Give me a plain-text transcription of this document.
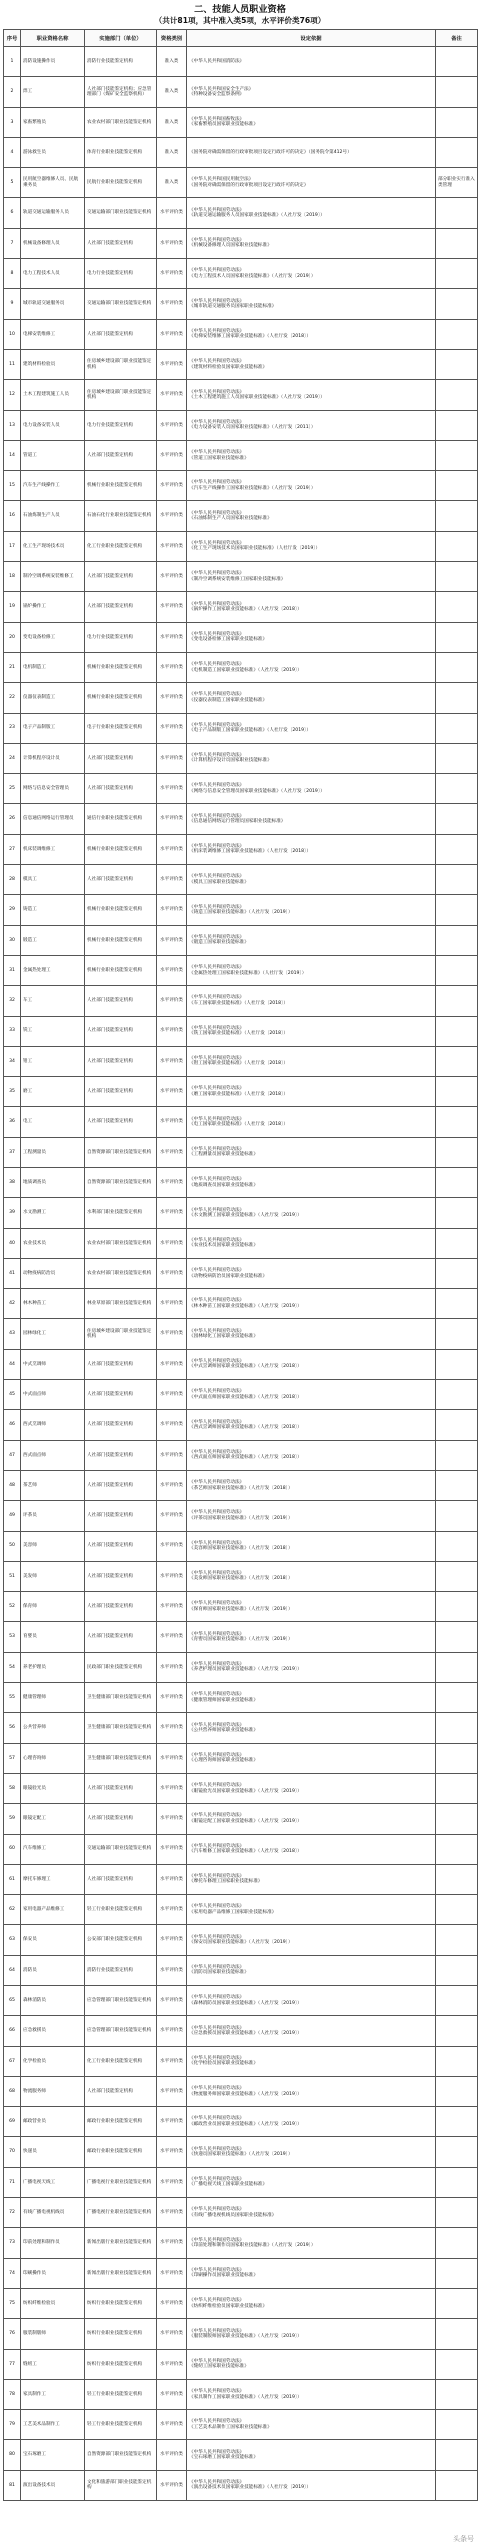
二、技能人员职业资格
（共计81项，其中准入类5项，水平评价类76项）
序号	职业资格名称	实施部门（单位）	资格类别	设定依据	备注
1	消防设施操作员	消防行业技能鉴定机构	准入类	《中华人民共和国消防法》	

2	焊工	人社部门技能鉴定机构；应急管理部门（煤矿安全监察机构）	准入类	《中华人民共和国安全生产法》
《特种设备安全监察条例》	

3	家畜繁殖员	农业农村部门职业技能鉴定机构	准入类	《中华人民共和国畜牧法》
《家畜繁殖员国家职业技能标准》	

4	游泳救生员	体育行业职业技能鉴定机构	准入类	《国务院对确需保留的行政审批项目设定行政许可的决定》（国务院令第412号）	

5	民用航空器维修人员、民航乘务员	民航行业职业技能鉴定机构	准入类	《中华人民共和国民用航空法》
《国务院对确需保留的行政审批项目设定行政许可的决定》	部分职业实行准入类管理
6	轨道交通运输服务人员	交通运输部门职业技能鉴定机构	水平评价类	《中华人民共和国劳动法》
《轨道交通运输服务人员国家职业技能标准》（人社厅发〔2019〕）	

7	机械设备修理人员	人社部门技能鉴定机构	水平评价类	《中华人民共和国劳动法》
《机械设备修理人员国家职业技能标准》	

8	电力工程技术人员	电力行业技能鉴定机构	水平评价类	《中华人民共和国劳动法》
《电力工程技术人员国家职业技能标准》（人社厅发〔2019〕）	

9	城市轨道交通服务员	交通运输部门职业技能鉴定机构	水平评价类	《中华人民共和国劳动法》
《城市轨道交通服务员国家职业技能标准》	

10	电梯安装维修工	人社部门技能鉴定机构	水平评价类	《中华人民共和国劳动法》
《电梯安装维修工国家职业技能标准》（人社厅发〔2018〕）	

11	建筑材料检验员	住房城乡建设部门职业技能鉴定机构	水平评价类	《中华人民共和国劳动法》
《建筑材料检验员国家职业技能标准》	

12	土木工程建筑施工人员	住房城乡建设部门职业技能鉴定机构	水平评价类	《中华人民共和国劳动法》
《土木工程建筑施工人员国家职业技能标准》（人社厅发〔2019〕）	

13	电力设备安装人员	电力行业技能鉴定机构	水平评价类	《中华人民共和国劳动法》
《电力设备安装人员国家职业技能标准》（人社厅发〔2011〕）	

14	管道工	人社部门技能鉴定机构	水平评价类	《中华人民共和国劳动法》
《管道工国家职业技能标准》	

15	汽车生产线操作工	机械行业职业技能鉴定机构	水平评价类	《中华人民共和国劳动法》
《汽车生产线操作工国家职业技能标准》（人社厅发〔2019〕）	

16	石油炼制生产人员	石油石化行业职业技能鉴定机构	水平评价类	《中华人民共和国劳动法》
《石油炼制生产人员国家职业技能标准》	

17	化工生产现场技术员	化工行业职业技能鉴定机构	水平评价类	《中华人民共和国劳动法》
《化工生产现场技术员国家职业技能标准》（人社厅发〔2019〕）	

18	制冷空调系统安装维修工	人社部门技能鉴定机构	水平评价类	《中华人民共和国劳动法》
《制冷空调系统安装维修工国家职业技能标准》	

19	锅炉操作工	人社部门技能鉴定机构	水平评价类	《中华人民共和国劳动法》
《锅炉操作工国家职业技能标准》（人社厅发〔2018〕）	

20	变电设备检修工	电力行业技能鉴定机构	水平评价类	《中华人民共和国劳动法》
《变电设备检修工国家职业技能标准》	

21	电机制造工	机械行业职业技能鉴定机构	水平评价类	《中华人民共和国劳动法》
《电机制造工国家职业技能标准》（人社厅发〔2019〕）	

22	仪器仪表制造工	机械行业职业技能鉴定机构	水平评价类	《中华人民共和国劳动法》
《仪器仪表制造工国家职业技能标准》	

23	电子产品制版工	电子行业职业技能鉴定机构	水平评价类	《中华人民共和国劳动法》
《电子产品制版工国家职业技能标准》（人社厅发〔2019〕）	

24	计算机程序设计员	人社部门技能鉴定机构	水平评价类	《中华人民共和国劳动法》
《计算机程序设计员国家职业技能标准》	

25	网络与信息安全管理员	人社部门技能鉴定机构	水平评价类	《中华人民共和国劳动法》
《网络与信息安全管理员国家职业技能标准》（人社厅发〔2019〕）	

26	信息通信网络运行管理员	通信行业职业技能鉴定机构	水平评价类	《中华人民共和国劳动法》
《信息通信网络运行管理员国家职业技能标准》	

27	机床装调维修工	机械行业职业技能鉴定机构	水平评价类	《中华人民共和国劳动法》
《机床装调维修工国家职业技能标准》（人社厅发〔2018〕）	

28	模具工	人社部门技能鉴定机构	水平评价类	《中华人民共和国劳动法》
《模具工国家职业技能标准》	

29	铸造工	机械行业职业技能鉴定机构	水平评价类	《中华人民共和国劳动法》
《铸造工国家职业技能标准》（人社厅发〔2019〕）	

30	锻造工	机械行业职业技能鉴定机构	水平评价类	《中华人民共和国劳动法》
《锻造工国家职业技能标准》	

31	金属热处理工	机械行业职业技能鉴定机构	水平评价类	《中华人民共和国劳动法》
《金属热处理工国家职业技能标准》（人社厅发〔2019〕）	

32	车工	人社部门技能鉴定机构	水平评价类	《中华人民共和国劳动法》
《车工国家职业技能标准》（人社厅发〔2018〕）	

33	铣工	人社部门技能鉴定机构	水平评价类	《中华人民共和国劳动法》
《铣工国家职业技能标准》（人社厅发〔2018〕）	

34	钳工	人社部门技能鉴定机构	水平评价类	《中华人民共和国劳动法》
《钳工国家职业技能标准》（人社厅发〔2018〕）	

35	磨工	人社部门技能鉴定机构	水平评价类	《中华人民共和国劳动法》
《磨工国家职业技能标准》（人社厅发〔2018〕）	

36	电工	人社部门技能鉴定机构	水平评价类	《中华人民共和国劳动法》
《电工国家职业技能标准》（人社厅发〔2018〕）	

37	工程测量员	自然资源部门职业技能鉴定机构	水平评价类	《中华人民共和国劳动法》
《工程测量员国家职业技能标准》	

38	地质调查员	自然资源部门职业技能鉴定机构	水平评价类	《中华人民共和国劳动法》
《地质调查员国家职业技能标准》	

39	水文勘测工	水利部门职业技能鉴定机构	水平评价类	《中华人民共和国劳动法》
《水文勘测工国家职业技能标准》（人社厅发〔2019〕）	

40	农业技术员	农业农村部门职业技能鉴定机构	水平评价类	《中华人民共和国劳动法》
《农业技术员国家职业技能标准》	

41	动物疫病防治员	农业农村部门职业技能鉴定机构	水平评价类	《中华人民共和国劳动法》
《动物疫病防治员国家职业技能标准》	

42	林木种苗工	林业草原部门职业技能鉴定机构	水平评价类	《中华人民共和国劳动法》
《林木种苗工国家职业技能标准》（人社厅发〔2019〕）	

43	园林绿化工	住房城乡建设部门职业技能鉴定机构	水平评价类	《中华人民共和国劳动法》
《园林绿化工国家职业技能标准》	

44	中式烹调师	人社部门技能鉴定机构	水平评价类	《中华人民共和国劳动法》
《中式烹调师国家职业技能标准》（人社厅发〔2018〕）	

45	中式面点师	人社部门技能鉴定机构	水平评价类	《中华人民共和国劳动法》
《中式面点师国家职业技能标准》（人社厅发〔2018〕）	

46	西式烹调师	人社部门技能鉴定机构	水平评价类	《中华人民共和国劳动法》
《西式烹调师国家职业技能标准》（人社厅发〔2018〕）	

47	西式面点师	人社部门技能鉴定机构	水平评价类	《中华人民共和国劳动法》
《西式面点师国家职业技能标准》（人社厅发〔2018〕）	

48	茶艺师	人社部门技能鉴定机构	水平评价类	《中华人民共和国劳动法》
《茶艺师国家职业技能标准》（人社厅发〔2018〕）	

49	评茶员	人社部门技能鉴定机构	水平评价类	《中华人民共和国劳动法》
《评茶员国家职业技能标准》（人社厅发〔2019〕）	

50	美容师	人社部门技能鉴定机构	水平评价类	《中华人民共和国劳动法》
《美容师国家职业技能标准》（人社厅发〔2018〕）	

51	美发师	人社部门技能鉴定机构	水平评价类	《中华人民共和国劳动法》
《美发师国家职业技能标准》（人社厅发〔2018〕）	

52	保育师	人社部门技能鉴定机构	水平评价类	《中华人民共和国劳动法》
《保育师国家职业技能标准》（人社厅发〔2019〕）	

53	育婴员	人社部门技能鉴定机构	水平评价类	《中华人民共和国劳动法》
《育婴员国家职业技能标准》（人社厅发〔2019〕）	

54	养老护理员	民政部门职业技能鉴定机构	水平评价类	《中华人民共和国劳动法》
《养老护理员国家职业技能标准》（人社厅发〔2019〕）	

55	健康管理师	卫生健康部门职业技能鉴定机构	水平评价类	《中华人民共和国劳动法》
《健康管理师国家职业技能标准》	

56	公共营养师	卫生健康部门职业技能鉴定机构	水平评价类	《中华人民共和国劳动法》
《公共营养师国家职业技能标准》	

57	心理咨询师	卫生健康部门职业技能鉴定机构	水平评价类	《中华人民共和国劳动法》
《心理咨询师国家职业技能标准》	

58	眼镜验光员	人社部门技能鉴定机构	水平评价类	《中华人民共和国劳动法》
《眼镜验光员国家职业技能标准》（人社厅发〔2019〕）	

59	眼镜定配工	人社部门技能鉴定机构	水平评价类	《中华人民共和国劳动法》
《眼镜定配工国家职业技能标准》（人社厅发〔2019〕）	

60	汽车维修工	交通运输部门职业技能鉴定机构	水平评价类	《中华人民共和国劳动法》
《汽车维修工国家职业技能标准》（人社厅发〔2018〕）	

61	摩托车修理工	人社部门技能鉴定机构	水平评价类	《中华人民共和国劳动法》
《摩托车修理工国家职业技能标准》	

62	家用电器产品维修工	轻工行业职业技能鉴定机构	水平评价类	《中华人民共和国劳动法》
《家用电器产品维修工国家职业技能标准》	

63	保安员	公安部门职业技能鉴定机构	水平评价类	《中华人民共和国劳动法》
《保安员国家职业技能标准》（人社厅发〔2019〕）	

64	消防员	消防行业技能鉴定机构	水平评价类	《中华人民共和国劳动法》
《消防员国家职业技能标准》	

65	森林消防员	应急管理部门职业技能鉴定机构	水平评价类	《中华人民共和国劳动法》
《森林消防员国家职业技能标准》（人社厅发〔2019〕）	

66	应急救援员	应急管理部门职业技能鉴定机构	水平评价类	《中华人民共和国劳动法》
《应急救援员国家职业技能标准》（人社厅发〔2019〕）	

67	化学检验员	化工行业职业技能鉴定机构	水平评价类	《中华人民共和国劳动法》
《化学检验员国家职业技能标准》	

68	物流服务师	人社部门技能鉴定机构	水平评价类	《中华人民共和国劳动法》
《物流服务师国家职业技能标准》（人社厅发〔2019〕）	

69	邮政营业员	邮政行业职业技能鉴定机构	水平评价类	《中华人民共和国劳动法》
《邮政营业员国家职业技能标准》（人社厅发〔2019〕）	

70	快递员	邮政行业职业技能鉴定机构	水平评价类	《中华人民共和国劳动法》
《快递员国家职业技能标准》（人社厅发〔2019〕）	

71	广播电视天线工	广播电视行业职业技能鉴定机构	水平评价类	《中华人民共和国劳动法》
《广播电视天线工国家职业技能标准》	

72	有线广播电视机线员	广播电视行业职业技能鉴定机构	水平评价类	《中华人民共和国劳动法》
《有线广播电视机线员国家职业技能标准》	

73	印前处理和制作员	新闻出版行业职业技能鉴定机构	水平评价类	《中华人民共和国劳动法》
《印前处理和制作员国家职业技能标准》（人社厅发〔2019〕）	

74	印刷操作员	新闻出版行业职业技能鉴定机构	水平评价类	《中华人民共和国劳动法》
《印刷操作员国家职业技能标准》	

75	纺织纤维检验员	纺织行业职业技能鉴定机构	水平评价类	《中华人民共和国劳动法》
《纺织纤维检验员国家职业技能标准》	

76	服装制版师	纺织行业职业技能鉴定机构	水平评价类	《中华人民共和国劳动法》
《服装制版师国家职业技能标准》（人社厅发〔2019〕）	

77	缝纫工	纺织行业职业技能鉴定机构	水平评价类	《中华人民共和国劳动法》
《缝纫工国家职业技能标准》	

78	家具制作工	轻工行业职业技能鉴定机构	水平评价类	《中华人民共和国劳动法》
《家具制作工国家职业技能标准》（人社厅发〔2019〕）	

79	工艺美术品制作工	轻工行业职业技能鉴定机构	水平评价类	《中华人民共和国劳动法》
《工艺美术品制作工国家职业技能标准》	

80	宝石琢磨工	自然资源部门职业技能鉴定机构	水平评价类	《中华人民共和国劳动法》
《宝石琢磨工国家职业技能标准》	

81	演出设备技术员	文化和旅游部门职业技能鉴定机构	水平评价类	《中华人民共和国劳动法》
《演出设备技术员国家职业技能标准》（人社厅发〔2019〕）	

头条号
